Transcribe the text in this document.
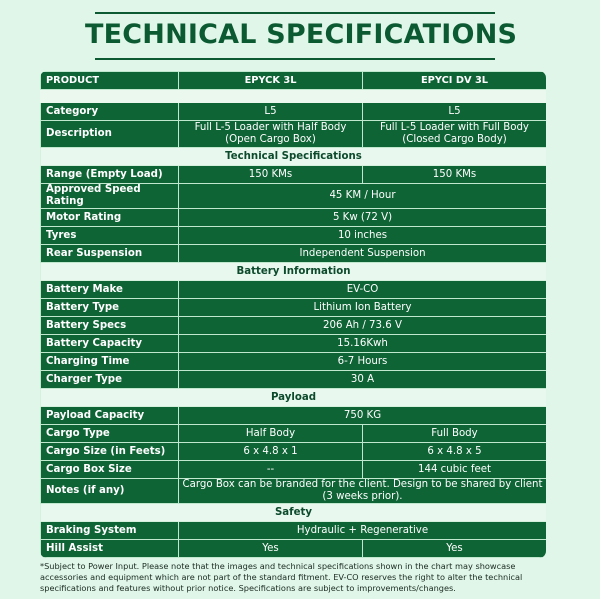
TECHNICAL SPECIFICATIONS
PRODUCT	EPYCK 3L	EPYCI DV 3L

Category	L5	L5
Description	Full L-5 Loader with Half Body (Open Cargo Box)	Full L-5 Loader with Full Body (Closed Cargo Body)
Technical Specifications		
Range (Empty Load)	150 KMs	150 KMs
Approved Speed Rating	45 KM / Hour	
Motor Rating	5 Kw (72 V)	
Tyres	10 inches	
Rear Suspension	Independent Suspension	
Battery Information		
Battery Make	EV-CO	
Battery Type	Lithium Ion Battery	
Battery Specs	206 Ah / 73.6 V	
Battery Capacity	15.16Kwh	
Charging Time	6-7 Hours	
Charger Type	30 A	
Payload		
Payload Capacity	750 KG	
Cargo Type	Half Body	Full Body
Cargo Size (in Feets)	6 x 4.8 x 1	6 x 4.8 x 5
Cargo Box Size	--	144 cubic feet
Notes (if any)	Cargo Box can be branded for the client. Design to be shared by client (3 weeks prior).	
Safety		
Braking System	Hydraulic + Regenerative	
Hill Assist	Yes	Yes
*Subject to Power Input. Please note that the images and technical specifications shown in the chart may showcase accessories and equipment which are not part of the standard fitment. EV-CO reserves the right to alter the technical specifications and features without prior notice. Specifications are subject to improvements/changes.
